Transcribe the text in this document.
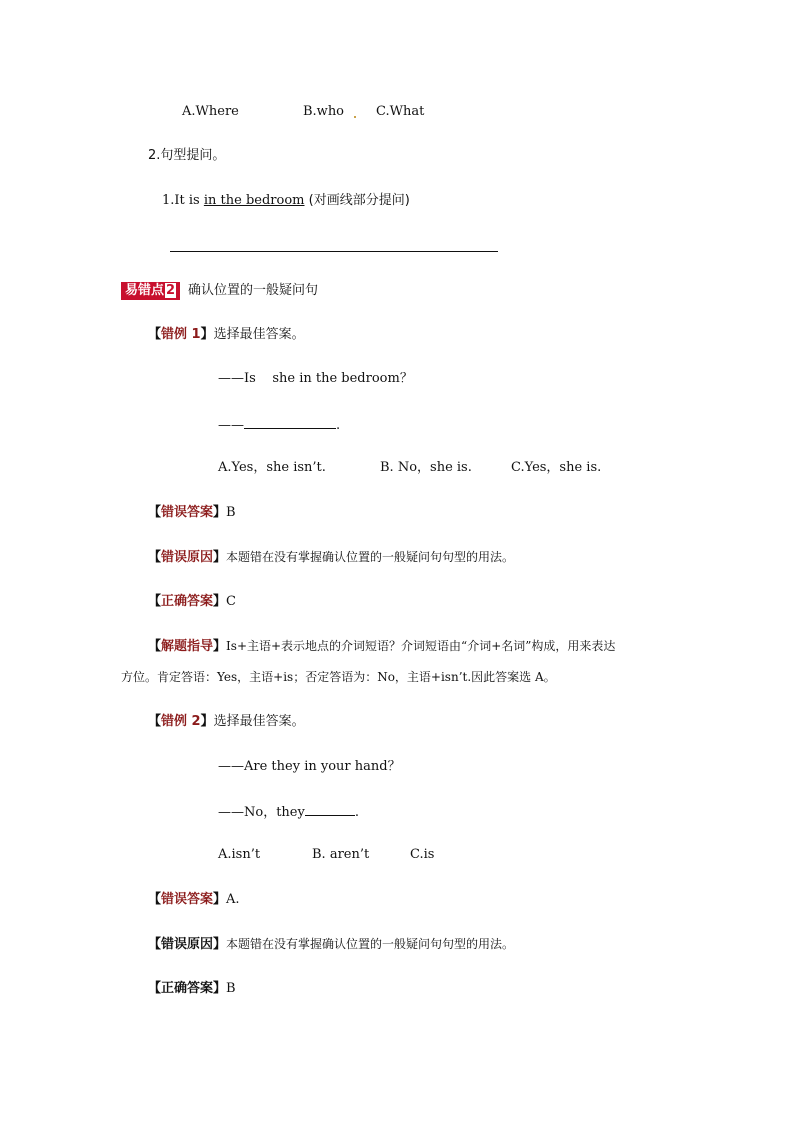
A.Where	B.who C.What
2.句型提问。
1.It is in the bedroom (对画线部分提问)
易错点 2 确认位置的一般疑问句
【错例 1】选择最佳答案。
——Is    she in the bedroom？
——	.
A.Yes，she isn’t.	B. No，she is.	C.Yes，she is.
【错误答案】B
【错误原因】本题错在没有掌握确认位置的一般疑问句句型的用法。
【正确答案】C
【解题指导】Is+主语+表示地点的介词短语？介词短语由“介词+名词”构成，用来表达
方位。肯定答语：Yes，主语+is；否定答语为：No，主语+isn’t.因此答案选 A。
【错例 2】选择最佳答案。
——Are they in your hand？
——No，they	.
A.isn’t	B. aren’t	C.is
【错误答案】A.
【错误原因】本题错在没有掌握确认位置的一般疑问句句型的用法。
【正确答案】B
